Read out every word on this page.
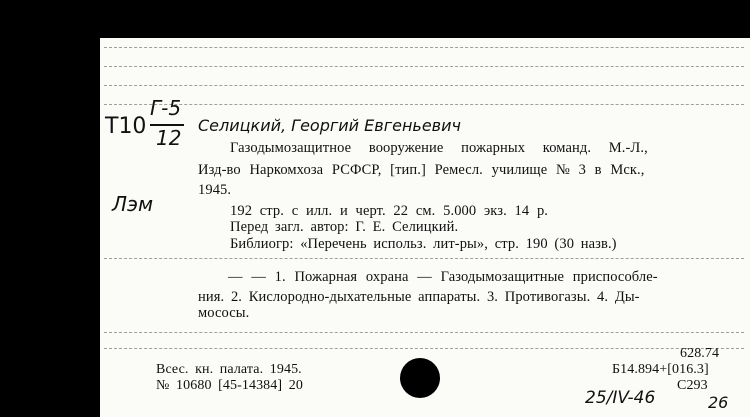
Г-5
12
Т10	Селицкий, Георгий Евгеньевич
Газодымозащитное вооружение пожарных команд. М.-Л.,
Изд-во Наркомхоза РСФСР, [тип.] Ремесл. училище № 3 в Мск.,
1945.
Лэм	192 стр. с илл. и черт. 22 см. 5.000 экз. 14 р.
Перед загл. автор: Г. Е. Селицкий.
Библиогр: «Перечень использ. лит-ры», стр. 190 (30 назв.)
— — 1. Пожарная охрана — Газодымозащитные приспособле-
ния. 2. Кислородно-дыхательные аппараты. 3. Противогазы. 4. Ды-
мососы.
628.74
Б14.894+[016.3]
С293
Всес. кн. палата. 1945.
№ 10680 [45-14384] 20
25/IV-46	26
